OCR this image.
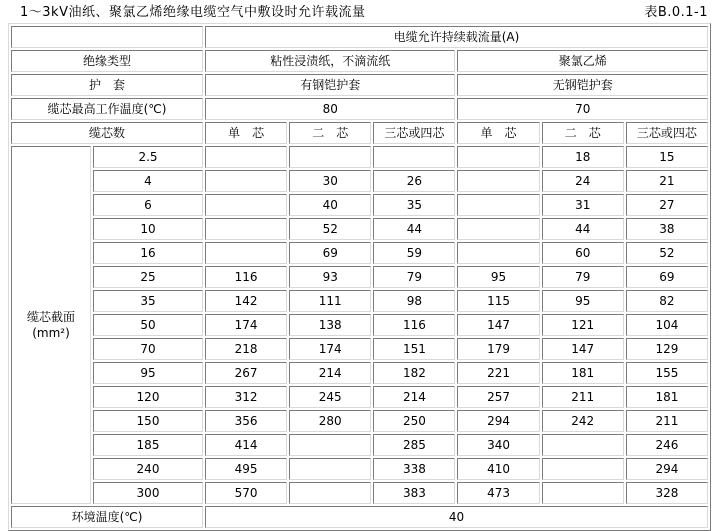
1～3kV油纸、聚氯乙烯绝缘电缆空气中敷设时允许载流量	表B.0.1-1
		电缆允许持续载流量(A)					
绝缘类型		粘性浸渍纸，不滴流纸			聚氯乙烯		
护　套		有钢铠护套			无钢铠护套		
缆芯最高工作温度(℃)		80			70		
缆芯数		单　芯	二　芯	三芯或四芯	单　芯	二　芯	三芯或四芯

缆芯截面
(mm²)	2.5					18	15
	4		30	26		24	21
	6		40	35		31	27
	10		52	44		44	38
	16		69	59		60	52
	25	116	93	79	95	79	69
	35	142	111	98	115	95	82
	50	174	138	116	147	121	104
	70	218	174	151	179	147	129
	95	267	214	182	221	181	155
	120	312	245	214	257	211	181
	150	356	280	250	294	242	211
	185	414		285	340		246
	240	495		338	410		294
	300	570		383	473		328
环境温度(℃)		40					
